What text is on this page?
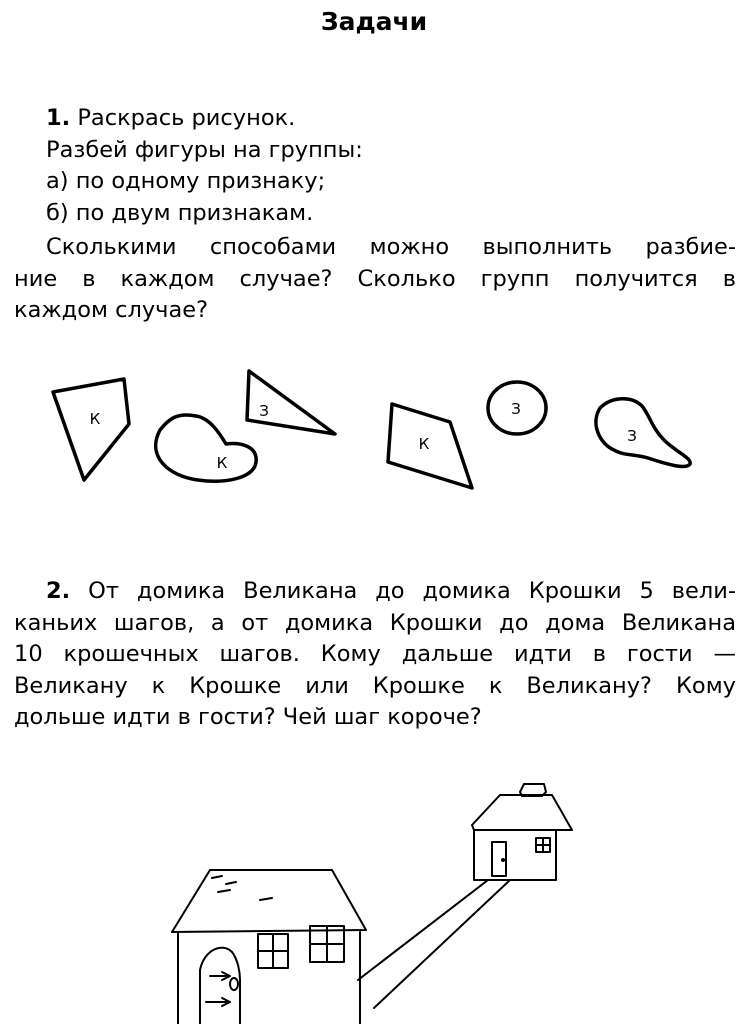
Задачи
1. Раскрась рисунок.
Разбей фигуры на группы:
а) по одному признаку;
б) по двум признакам.
Сколькими способами можно выполнить разбие-
ние в каждом случае? Сколько групп получится в
каждом случае?
К
К
З
К
З
З
2. От домика Великана до домика Крошки 5 вели-
каньих шагов, а от домика Крошки до дома Великана
10 крошечных шагов. Кому дальше идти в гости —
Великану к Крошке или Крошке к Великану? Кому
дольше идти в гости? Чей шаг короче?
